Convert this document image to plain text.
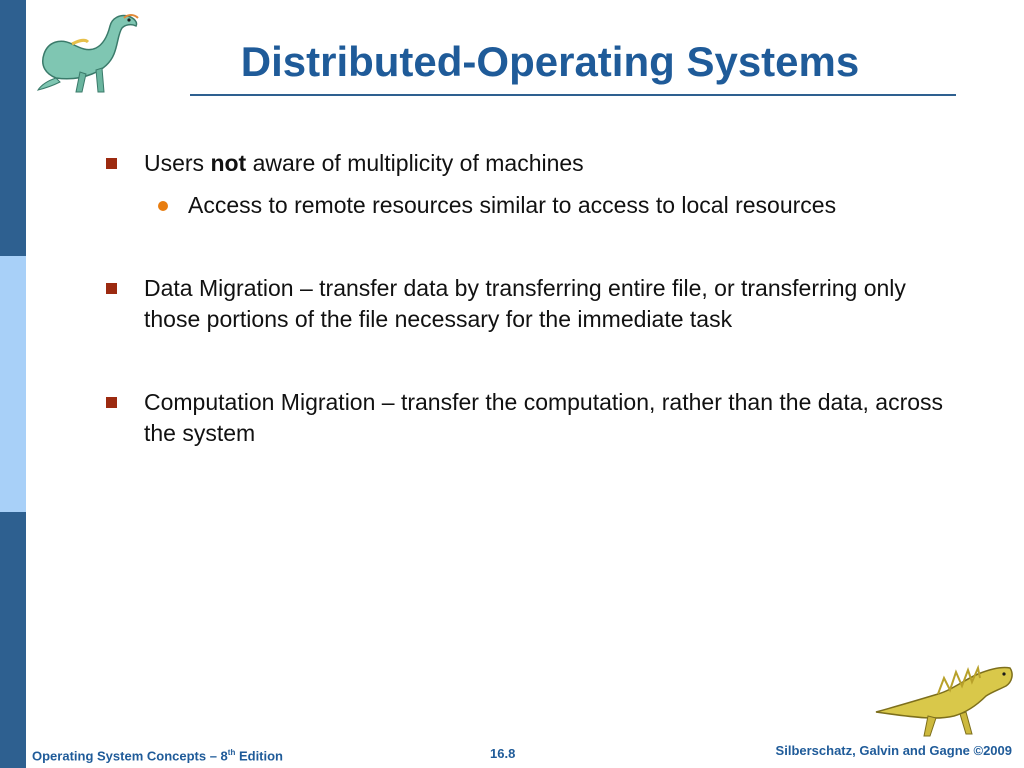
Distributed-Operating Systems
Users not aware of multiplicity of machines
Access to remote resources similar to access to local resources
Data Migration – transfer data by transferring entire file, or transferring only those portions of the file necessary for the immediate task
Computation Migration – transfer the computation, rather than the data, across the system
Operating System Concepts – 8th Edition	16.8	Silberschatz, Galvin and Gagne ©2009
